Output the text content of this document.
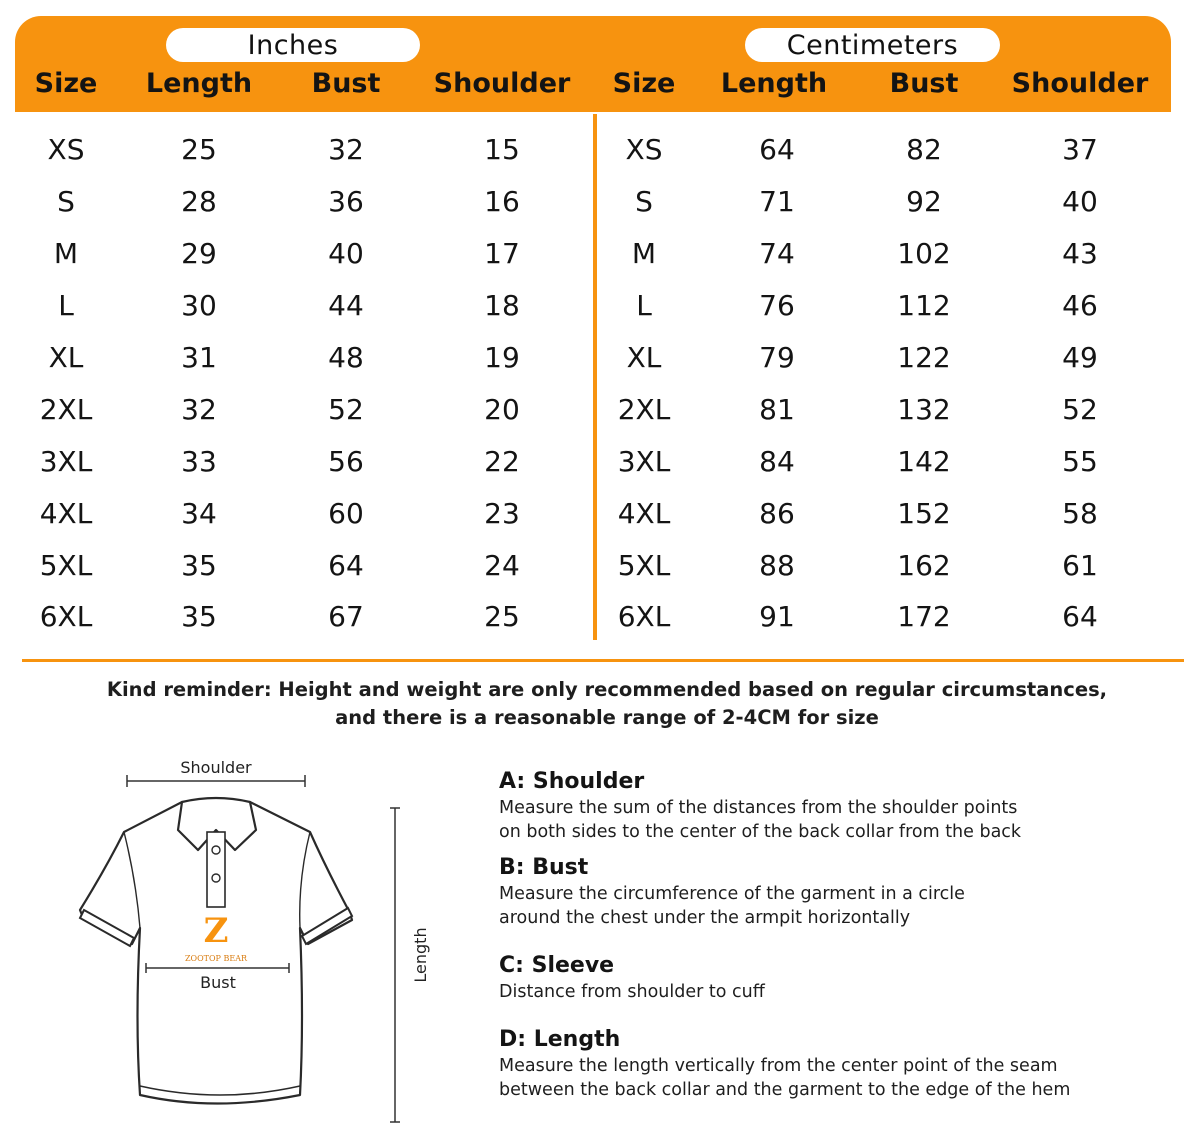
Inches	Centimeters
Size Length Bust Shoulder Size Length Bust Shoulder
XS	25	32	15	XS	64	82	37
S	28	36	16	S	71	92	40
M	29	40	17	M	74	102	43
L	30	44	18	L	76	112	46
XL	31	48	19	XL	79	122	49
2XL	32	52	20	2XL	81	132	52
3XL	33	56	22	3XL	84	142	55
4XL	34	60	23	4XL	86	152	58
5XL	35	64	24	5XL	88	162	61
6XL	35	67	25	6XL	91	172	64
Kind reminder: Height and weight are only recommended based on regular circumstances,
and there is a reasonable range of 2-4CM for size
Shoulder
Z
ZOOTOP BEAR
Bust	Length
A: Shoulder
Measure the sum of the distances from the shoulder points
on both sides to the center of the back collar from the back
B: Bust
Measure the circumference of the garment in a circle
around the chest under the armpit horizontally
C: Sleeve
Distance from shoulder to cuff
D: Length
Measure the length vertically from the center point of the seam
between the back collar and the garment to the edge of the hem
